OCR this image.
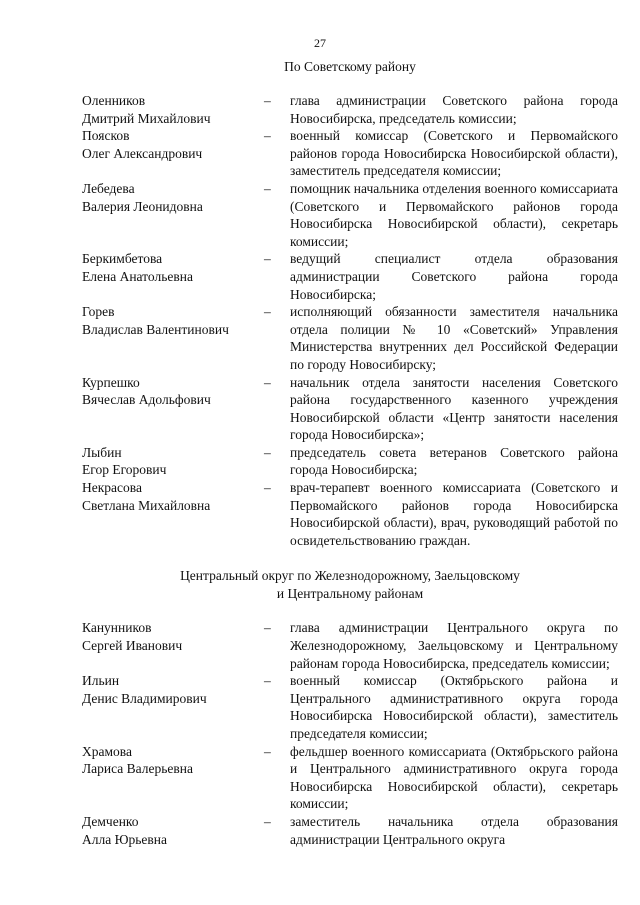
27
По Советскому району
Оленников
Дмитрий Михайлович
–	глава администрации Советского района города Новосибирска, председатель комиссии;
Поясков
Олег Александрович
–	военный комиссар (Советского и Первомайского районов города Новосибирска Новосибирской области), заместитель председателя комиссии;
Лебедева
Валерия Леонидовна
–	помощник начальника отделения военного комиссариата (Советского и Первомайского районов города Новосибирска Новосибирской области), секретарь комиссии;
Беркимбетова
Елена Анатольевна
–	ведущий специалист отдела образования администрации Советского района города Новосибирска;
Горев
Владислав Валентинович
–	исполняющий обязанности заместителя начальника отдела полиции № 10 «Советский» Управления Министерства внутренних дел Российской Федерации по городу Новосибирску;
Курпешко
Вячеслав Адольфович
–	начальник отдела занятости населения Советского района государственного казенного учреждения Новосибирской области «Центр занятости населения города Новосибирска»;
Лыбин
Егор Егорович
–	председатель совета ветеранов Советского района города Новосибирска;
Некрасова
Светлана Михайловна
–	врач-терапевт военного комиссариата (Советского и Первомайского районов города Новосибирска Новосибирской области), врач, руководящий работой по освидетельствованию граждан.
Центральный округ по Железнодорожному, Заельцовскому
и Центральному районам
Канунников
Сергей Иванович
–	глава администрации Центрального округа по Железнодорожному, Заельцовскому и Центральному районам города Новосибирска, председатель комиссии;
Ильин
Денис Владимирович
–	военный комиссар (Октябрьского района и Центрального административного округа города Новосибирска Новосибирской области), заместитель председателя комиссии;
Храмова
Лариса Валерьевна
–	фельдшер военного комиссариата (Октябрьского района и Центрального административного округа города Новосибирска Новосибирской области), секретарь комиссии;
Демченко
Алла Юрьевна
–	заместитель начальника отдела образования администрации Центрального округа
